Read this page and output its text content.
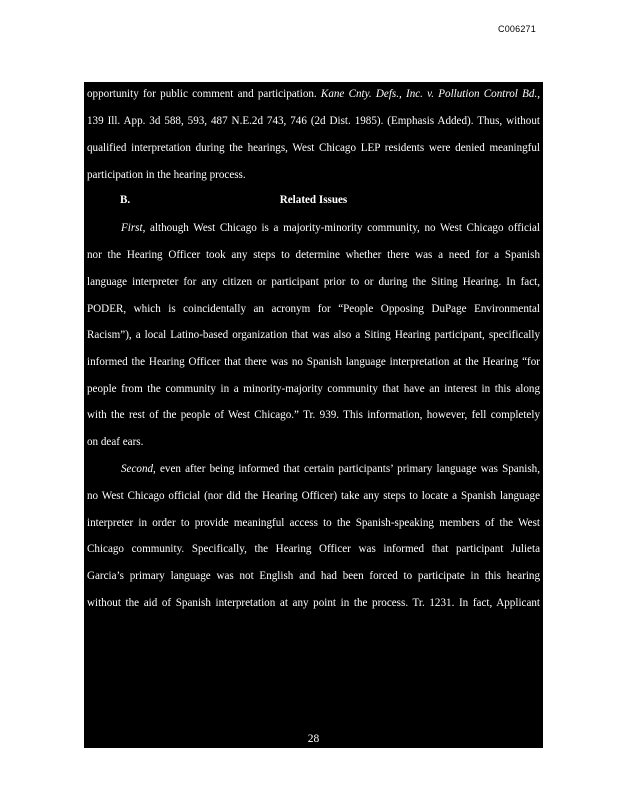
C006271
opportunity for public comment and participation. Kane Cnty. Defs., Inc. v. Pollution Control Bd.,
139 Ill. App. 3d 588, 593, 487 N.E.2d 743, 746 (2d Dist. 1985). (Emphasis Added). Thus, without
qualified interpretation during the hearings, West Chicago LEP residents were denied meaningful
participation in the hearing process.
B.	Related Issues
First, although West Chicago is a majority-minority community, no West Chicago official
nor the Hearing Officer took any steps to determine whether there was a need for a Spanish
language interpreter for any citizen or participant prior to or during the Siting Hearing. In fact,
PODER, which is coincidentally an acronym for “People Opposing DuPage Environmental
Racism”), a local Latino-based organization that was also a Siting Hearing participant, specifically
informed the Hearing Officer that there was no Spanish language interpretation at the Hearing “for
people from the community in a minority-majority community that have an interest in this along
with the rest of the people of West Chicago.” Tr. 939. This information, however, fell completely
on deaf ears.
Second, even after being informed that certain participants’ primary language was Spanish,
no West Chicago official (nor did the Hearing Officer) take any steps to locate a Spanish language
interpreter in order to provide meaningful access to the Spanish-speaking members of the West
Chicago community. Specifically, the Hearing Officer was informed that participant Julieta
Garcia’s primary language was not English and had been forced to participate in this hearing
without the aid of Spanish interpretation at any point in the process. Tr. 1231. In fact, Applicant
28
